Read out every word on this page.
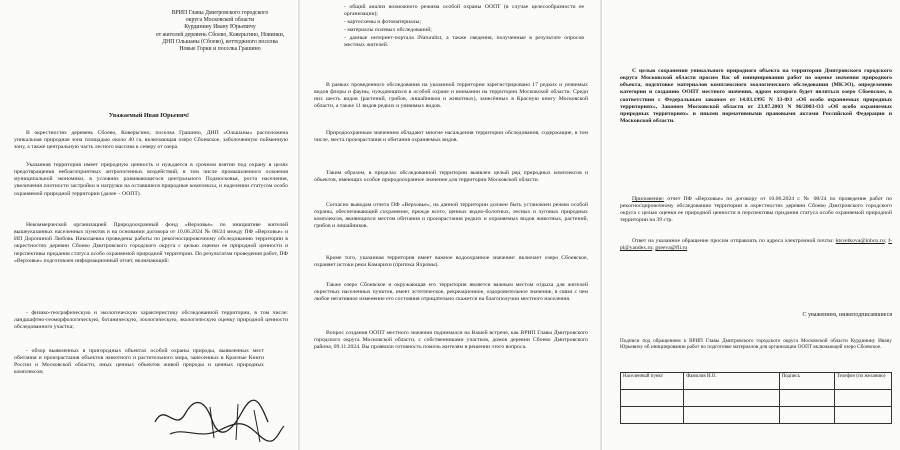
ВРИП Главы Дмитровского городского
округа Московской области
Курдинину Ивану Юрьевичу
от жителей деревень Сбоево, Коверьгино, Новинки,
ДНП Ольшаны (Сбоево), коттеджного поселка
Новые Горки и поселка Грашино
Уважаемый Иван Юрьевич!

В окрестностях деревень Сбоево, Коверьгино, поселка Грашино, ДНП «Ольшаны» расположена уникальная природная зона площадью около 40 га, включающая озеро Сбоевское, заболоченную пойменную зону, а также центральную часть лесного массива к северу от озера.

Указанная территория имеет природную ценность и нуждается в срочном взятии под охрану в целях предотвращения неблагоприятных антропогенных воздействий, в том числе промышленного освоения муниципальной экономики, в условиях развивающегося центрального Подмосковья, роста населения, увеличения плотности застройки и нагрузки на оставшиеся природные комплексы, и наделении статусом особо охраняемой природной территории (далее – ООПТ).

Некоммерческой организацией Природоохранный фонд «Верховье» по инициативе жителей вышеуказанных населенных пунктов и на основании договора от 10.06.2024 № 08/24 между ПФ «Верховье» и ИП Дорониной Любовь Николаевна проведены работы по рекогносцировочному обследованию территории в окрестностях деревни Сбоево Дмитровского городского округа с целью оценки ее природной ценности и перспективы придания статуса особо охраняемой природной территории. По результатам проведения работ, ПФ «Верховье» подготовлен информационный отчет, включающий:

- физико-географическую и экологическую характеристику обследованной территории, в том числе: ландшафтно-геоморфологическую, ботаническую, зоологическую, экологическую оценку природной ценности обследованного участка;

- обзор выявленных в пригородных объектах особой охраны природы, выявленных мест обитания и произрастания объектов животного и растительного мира, занесенных в Красные Книги России и Московской области, иных ценных объектов живой природы и ценных природных комплексов;

- общий анализ возможного режима особой охраны ООПТ (в случае целесообразности ее организации);

- картосхемы и фотоматериалы;

- материалы полевых обследований;

- данные интернет-портала iNaturalist, а также сведения, полученные в результате опросов местных жителей.

В рамках проведенного обследования на указанной территории зарегистрировано 17 редких и уязвимых видов флоры и фауны, нуждающихся в особой охране и внимании на территории Московской области. Среди них шесть видов (растений, грибов, лишайников и животных), занесённых в Красную книгу Московской области, а также 11 видов редких и уязвимых видов.

Природоохранным значением обладают многие насаждения территории обследования, содержащие, в том числе, места произрастания и обитания охраняемых видов.

Таким образом, в пределах обследованной территории выявлен целый ряд природных комплексов и объектов, имеющих особое природоохранное значение для территории Московской области.

Согласно выводам отчета ПФ «Верховье», на данной территории должен быть установлен режим особой охраны, обеспечивающий сохранение, прежде всего, ценных водно-болотных, лесных и луговых природных комплексов, являющихся местом обитания и произрастания редких и охраняемых видов животных, растений, грибов и лишайников.

Кроме того, указанная территория имеет важное водоохранное значение: включает озеро Сбоевское, охраняет истоки реки Камарихи (притока Яхромы).

Также озеро Сбоевское и окружающая его территория является важным местом отдыха для жителей окрестных населенных пунктов, имеет эстетическое, рекреационное, оздоровительное значение, в связи с чем любое негативное изменение его состояния отрицательно скажется на благополучии местного населения.

Вопрос создания ООПТ местного значения поднимался на Вашей встрече, как ВРИП Главы Дмитровского городского округа Московской области, с собственниками участков, домов деревни Сбоево Дмитровского района, 09.11.2024. Вы проявили готовность помочь жителям в решении этого вопроса.

С целью сохранения уникального природного объекта на территории Дмитровского городского округа Московской области просим Вас об инициировании работ по оценке значения природного объекта, подготовке материалов комплексного экологического обследования (МКЭО), определению категории и созданию ООПТ местного значения, ядром которого будет являться озеро Сбоевское, в соответствии с Федеральным законом от 14.03.1995 N 33-ФЗ «Об особо охраняемых природных территориях», Законом Московской области от 23.07.2003 N 96/2003-ОЗ «Об особо охраняемых природных территориях» и иными нормативными правовыми актами Российской Федерации и Московской области.

Приложение: отчет ПФ «Верховье» по договору от 10.06.2024 г. № 08/24 по проведение работ по рекогносцировочному обследованию территории в окрестностях деревни Сбоево Дмитровского городского округа с целью оценки ее природной ценности и перспективы придания статуса особо охраняемой природной территории на 39 стр.

Ответ на указанное обращение просим отправлять по адреса электронной почты: ktsvetkova@inbox.ru; f-pl@yandex.ru; gseeva@fli.ru

С уважением, нижеподписавшиеся

Подписи под обращением к ВРИП Главы Дмитровского городского округа Московской области Курдинину Ивану Юрьевичу об инициировании работ по подготовке материалов для организации ООПТ включающей озеро Сбоевское.

Населенный пункт	Фамилия И.О.	Подпись	Телефон (по желанию)
